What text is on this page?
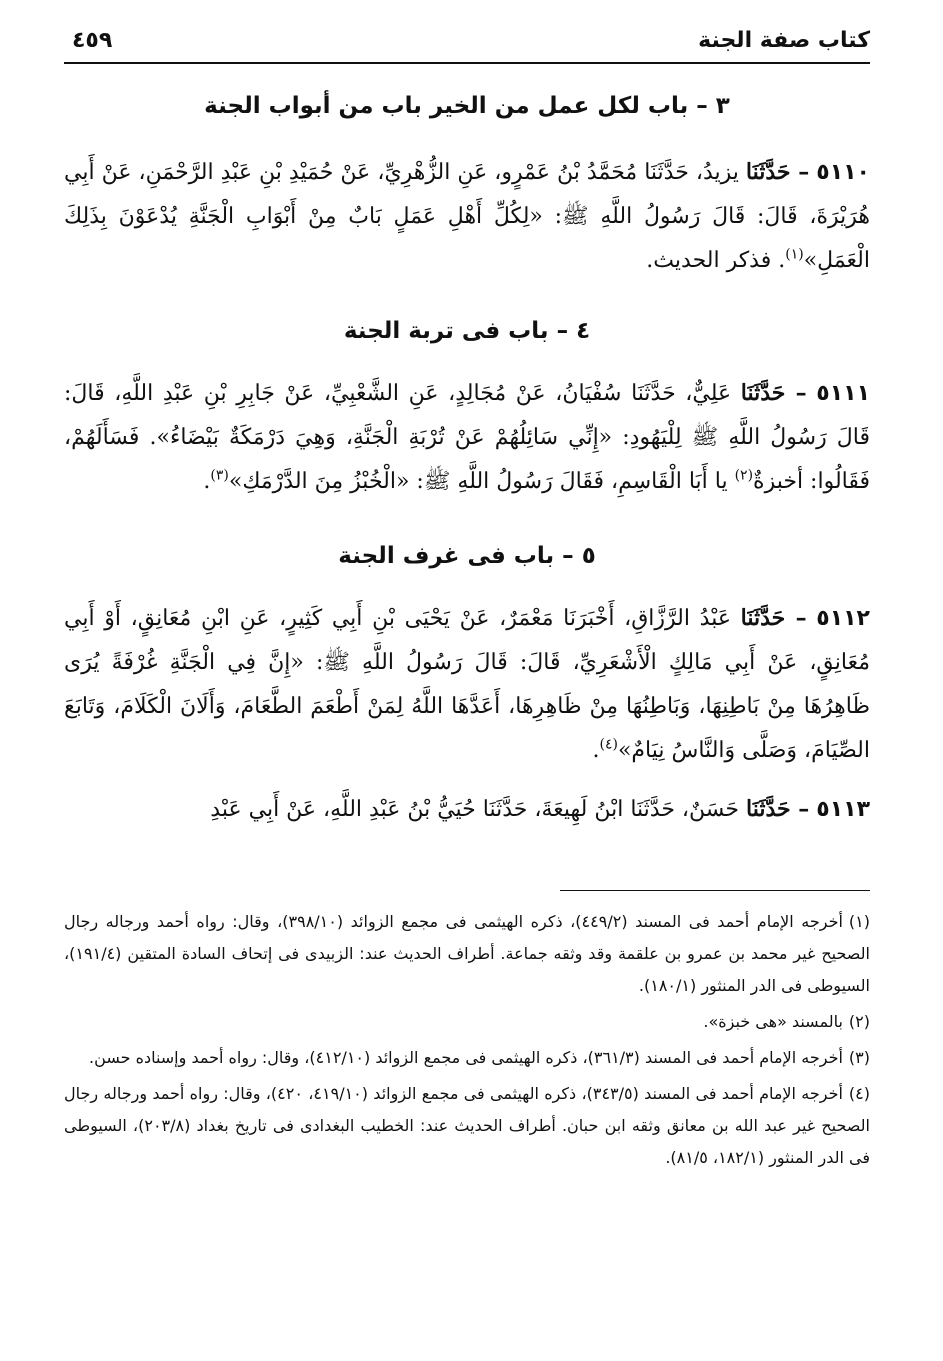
كتاب صفة الجنة
٤٥٩
٣ – باب لكل عمل من الخير باب من أبواب الجنة

٥١١٠ – حَدَّثَنَا يزيدُ، حَدَّثَنَا مُحَمَّدُ بْنُ عَمْرٍو، عَنِ الزُّهْرِيِّ، عَنْ حُمَيْدِ بْنِ عَبْدِ الرَّحْمَنِ، عَنْ أَبِي هُرَيْرَةَ، قَالَ: قَالَ رَسُولُ اللَّهِ ﷺ: «لِكُلِّ أَهْلِ عَمَلٍ بَابٌ مِنْ أَبْوَابِ الْجَنَّةِ يُدْعَوْنَ بِذَلِكَ الْعَمَلِ»$^{(١)}$. فذكر الحديث.

٤ – باب فى تربة الجنة

٥١١١ – حَدَّثَنَا عَلِيٌّ، حَدَّثَنَا سُفْيَانُ، عَنْ مُجَالِدٍ، عَنِ الشَّعْبِيِّ، عَنْ جَابِرِ بْنِ عَبْدِ اللَّهِ، قَالَ: قَالَ رَسُولُ اللَّهِ ﷺ لِلْيَهُودِ: «إِنِّي سَائِلُهُمْ عَنْ تُرْبَةِ الْجَنَّةِ، وَهِيَ دَرْمَكَةٌ بَيْضَاءُ». فَسَأَلَهُمْ، فَقَالُوا: أخبزةٌ$^{(٢)}$ يا أَبَا الْقَاسِمِ، فَقَالَ رَسُولُ اللَّهِ ﷺ: «الْخُبْزُ مِنَ الدَّرْمَكِ»$^{(٣)}$.

٥ – باب فى غرف الجنة

٥١١٢ – حَدَّثَنَا عَبْدُ الرَّزَّاقِ، أَخْبَرَنَا مَعْمَرٌ، عَنْ يَحْيَى بْنِ أَبِي كَثِيرٍ، عَنِ ابْنِ مُعَانِقٍ، أَوْ أَبِي مُعَانِقٍ، عَنْ أَبِي مَالِكٍ الْأَشْعَرِيِّ، قَالَ: قَالَ رَسُولُ اللَّهِ ﷺ: «إِنَّ فِي الْجَنَّةِ غُرْفَةً يُرَى ظَاهِرُهَا مِنْ بَاطِنِهَا، وَبَاطِنُهَا مِنْ ظَاهِرِهَا، أَعَدَّهَا اللَّهُ لِمَنْ أَطْعَمَ الطَّعَامَ، وَأَلَانَ الْكَلَامَ، وَتَابَعَ الصِّيَامَ، وَصَلَّى وَالنَّاسُ نِيَامٌ»$^{(٤)}$.

٥١١٣ – حَدَّثَنَا حَسَنٌ، حَدَّثَنَا ابْنُ لَهِيعَةَ، حَدَّثَنَا حُيَيُّ بْنُ عَبْدِ اللَّهِ، عَنْ أَبِي عَبْدِ

(١)أخرجه الإمام أحمد فى المسند (٤٤٩/٢)، ذكره الهيثمى فى مجمع الزوائد (٣٩٨/١٠)، وقال: رواه أحمد ورجاله رجال الصحيح غير محمد بن عمرو بن علقمة وقد وثقه جماعة. أطراف الحديث عند: الزبيدى فى إتحاف السادة المتقين (١٩١/٤)، السيوطى فى الدر المنثور (١٨٠/١).

(٢)بالمسند «هى خبزة».

(٣)أخرجه الإمام أحمد فى المسند (٣٦١/٣)، ذكره الهيثمى فى مجمع الزوائد (٤١٢/١٠)، وقال: رواه أحمد وإسناده حسن.

(٤)أخرجه الإمام أحمد فى المسند (٣٤٣/٥)، ذكره الهيثمى فى مجمع الزوائد (٤١٩/١٠، ٤٢٠)، وقال: رواه أحمد ورجاله رجال الصحيح غير عبد الله بن معانق وثقه ابن حبان. أطراف الحديث عند: الخطيب البغدادى فى تاريخ بغداد (٢٠٣/٨)، السيوطى فى الدر المنثور (١٨٢/١، ٨١/٥).
